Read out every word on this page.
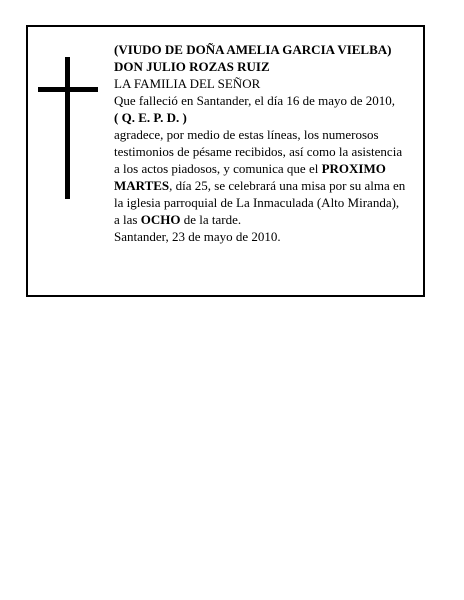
(VIUDO DE DOÑA AMELIA GARCIA VIELBA)
DON JULIO ROZAS RUIZ
LA FAMILIA DEL SEÑOR
Que falleció en Santander, el día 16 de mayo de 2010,
( Q. E. P. D. )
agradece, por medio de estas líneas, los numerosos
testimonios de pésame recibidos, así como la asistencia
a los actos piadosos, y comunica que el PROXIMO
MARTES, día 25, se celebrará una misa por su alma en
la iglesia parroquial de La Inmaculada (Alto Miranda),
a las OCHO de la tarde.
Santander, 23 de mayo de 2010.
